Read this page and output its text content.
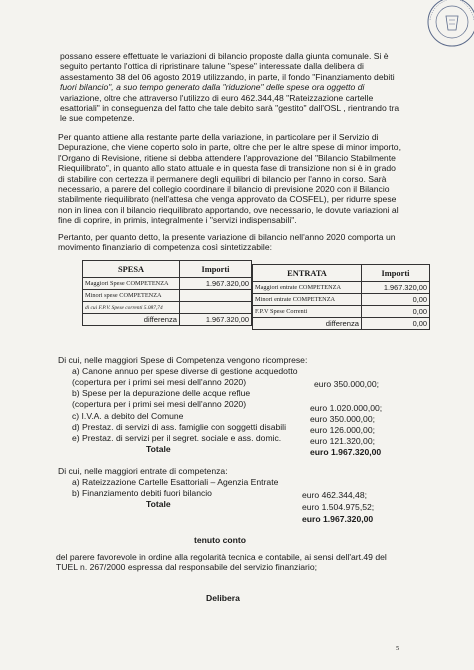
possano essere effettuate le variazioni di bilancio proposte dalla giunta comunale. Si è
seguito pertanto l'ottica di ripristinare talune "spese" interessate dalla delibera di
assestamento 38 del 06 agosto 2019 utilizzando, in parte, il fondo "Finanziamento debiti
fuori bilancio", a suo tempo generato dalla "riduzione" delle spese ora oggetto di
variazione, oltre che attraverso l'utilizzo di euro 462.344,48 "Rateizzazione cartelle
esattoriali" in conseguenza del fatto che tale debito sarà "gestito" dall'OSL , rientrando tra
le sue competenze.
Per quanto attiene alla restante parte della variazione, in particolare per il Servizio di
Depurazione, che viene coperto solo in parte, oltre che per le altre spese di minor importo,
l'Organo di Revisione, ritiene si debba attendere l'approvazione del "Bilancio Stabilmente
Riequilibrato", in quanto allo stato attuale e in questa fase di transizione non si è in grado
di stabilire con certezza il permanere degli equilibri di bilancio per l'anno in corso. Sarà
necessario, a parere del collegio coordinare il bilancio di previsione 2020 con il Bilancio
stabilmente riequilibrato (nell'attesa che venga approvato da COSFEL), per ridurre spese
non in linea con il bilancio riequilibrato apportando, ove necessario, le dovute variazioni al
fine di coprire, in primis, integralmente i "servizi indispensabili".
Pertanto, per quanto detto, la presente variazione di bilancio nell'anno 2020 comporta un
movimento finanziario di competenza così sintetizzabile:
SPESA	Importi
Maggiori Spese COMPETENZA	1.967.320,00
Minori spese COMPETENZA	
di cui F.P.V. Spese correnti 5.087,74	
differenza	1.967.320,00
ENTRATA	Importi
Maggiori entrate COMPETENZA	1.967.320,00
Minori entrate COMPETENZA	0,00
F.P.V Spese Correnti	0,00
differenza	0,00
Di cui, nelle maggiori Spese di Competenza vengono ricomprese:
a) Canone annuo per spese diverse di gestione acquedotto
(copertura per i primi sei mesi dell'anno 2020)	euro 350.000,00;
b) Spese per la depurazione delle acque reflue
(copertura per i primi sei mesi dell'anno 2020)	euro 1.020.000,00;
c) I.V.A. a debito del Comune	euro 350.000,00;
d) Prestaz. di servizi di ass. famiglie con soggetti disabili	euro 126.000,00;
e) Prestaz. di servizi per il segret. sociale e ass. domic.	euro 121.320,00;
Totale	euro 1.967.320,00
Di cui, nelle maggiori entrate di competenza:
a) Rateizzazione Cartelle Esattoriali – Agenzia Entrate
euro 462.344,48;
b) Finanziamento debiti fuori bilancio
euro 1.504.975,52;
Totale
euro 1.967.320,00
tenuto conto
del parere favorevole in ordine alla regolarità tecnica e contabile, ai sensi dell'art.49 del
TUEL n. 267/2000 espressa dal responsabile del servizio finanziario;
Delibera
5
